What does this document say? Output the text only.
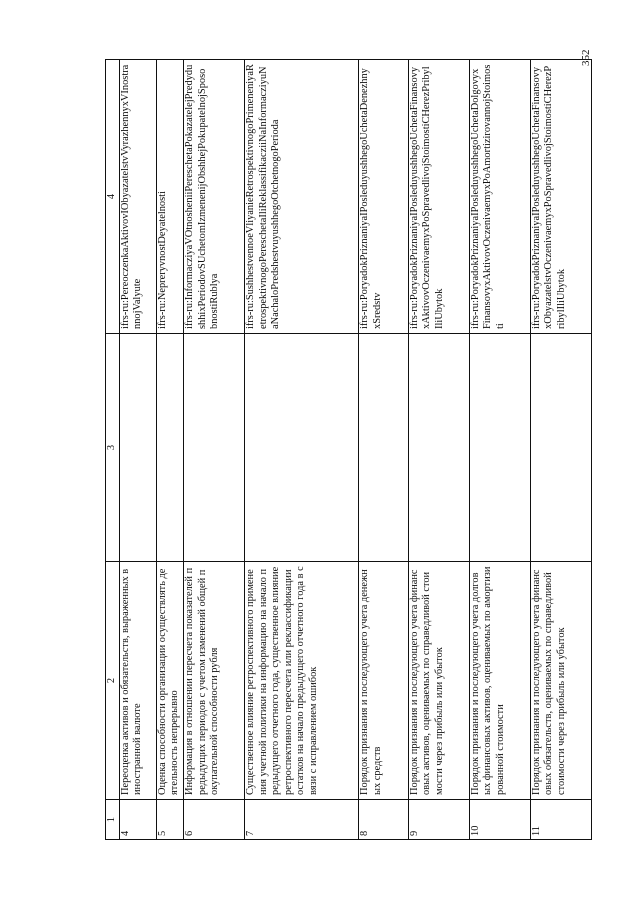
352
1	2	3	4
4	Переоценка активов и обязательств, выраженных в иностранной валюте		ifrs-ru:PereoczenkaAktivovIObyazatelstvVyrazhennyxVInostrannojValyute
5	Оценка способности организации осуществлять деятельность непрерывно		ifrs-ru:NepreryvnostDeyatelnosti
6	Информация в отношении пересчета показателей предыдущих периодов с учетом изменений общей покупательной способности рубля		ifrs-ru:InformacziyaVOtnosheniiPereschetaPokazatelejPredydushhixPeriodovSUchetomIzmenenijObshhejPokupatelnojSposobnostiRublya
7	Существенное влияние ретроспективного применения учетной политики на информацию на начало предыдущего отчетного года, существенное влияние ретроспективного пересчета или реклассификации остатков на начало предыдущего отчетного года в связи с исправлением ошибок		ifrs-ru:SushhestvennoeVliyanieRetrospektivnogoPrimeneniyaRetrospektivnogoPereschetaIliReklassifikacziiNaInformacziyuNaNachaloPredshestvuyushhegoOtchetnogoPerioda
8	Порядок признания и последующего учета денежных средств		ifrs-ru:PoryadokPriznaniyaIPosleduyushhegoUchetaDenezhnyxSredstv
9	Порядок признания и последующего учета финансовых активов, оцениваемых по справедливой стоимости через прибыль или убыток		ifrs-ru:PoryadokPriznaniyaIPosleduyushhegoUchetaFinansovyxAktivovOczenivaemyxPoSpravedlivojStoimostiCHerezPribylIliUbytok
10	Порядок признания и последующего учета долговых финансовых активов, оцениваемых по амортизированной стоимости		ifrs-ru:PoryadokPriznaniyaIPosleduyushhegoUchetaDolgovyxFinansovyxAktivovOczenivaemyxPoAmortizirovannojStoimosti
11	Порядок признания и последующего учета финансовых обязательств, оцениваемых по справедливой стоимости через прибыль или убыток		ifrs-ru:PoryadokPriznaniyaIPosleduyushhegoUchetaFinansovyxObyazatelstvOczenivaemyxPoSpravedlivojStoimostiCHerezPribylIliUbytok
